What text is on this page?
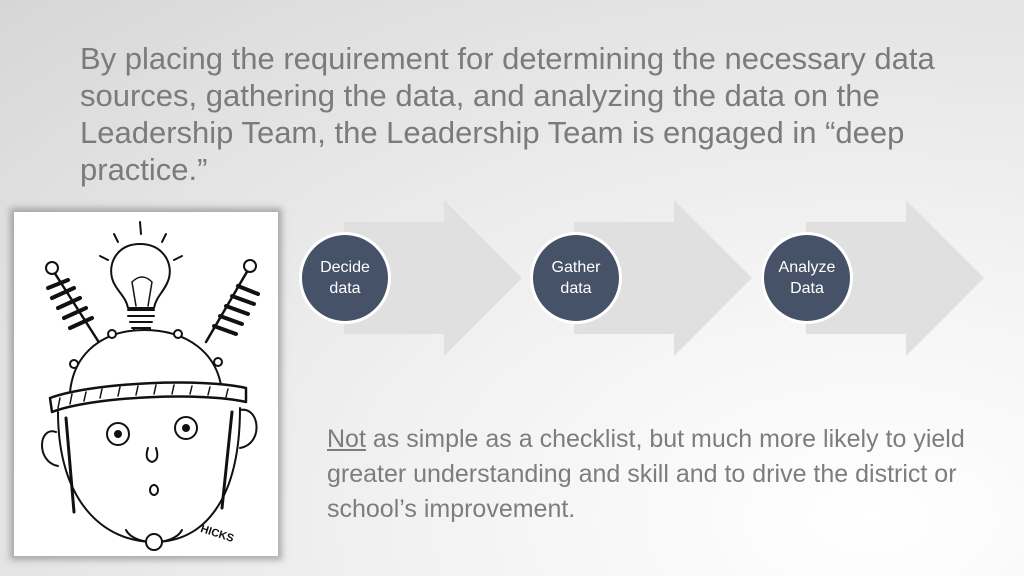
By placing the requirement for determining the necessary data sources, gathering the data, and analyzing the data on the Leadership Team, the Leadership Team is engaged in “deep practice.”
HICKS
Decide data
Gather data
Analyze Data

Not as simple as a checklist, but much more likely to yield greater understanding and skill and to drive the district or school’s improvement.
